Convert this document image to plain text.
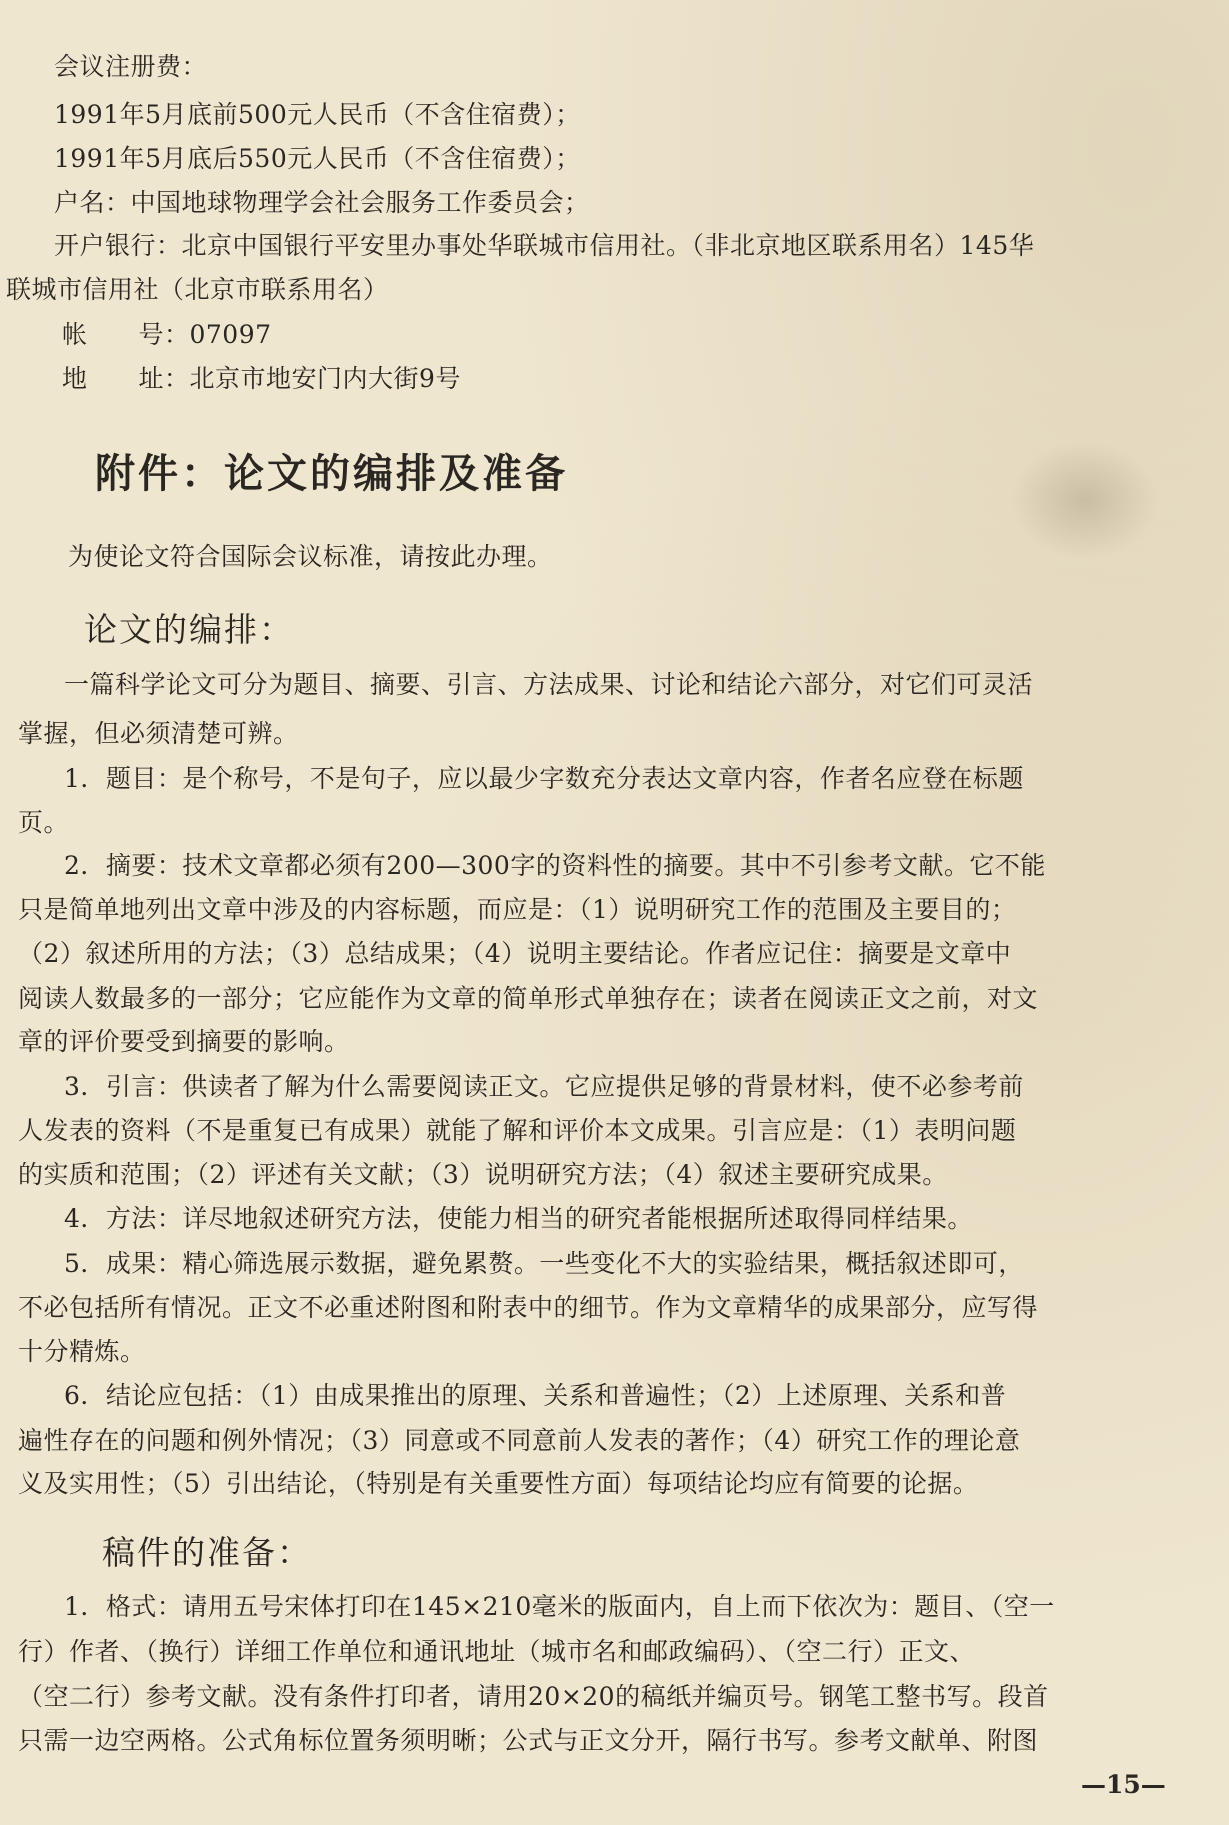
会议注册费：
1991年5月底前500元人民币（不含住宿费）；
1991年5月底后550元人民币（不含住宿费）；
户名：中国地球物理学会社会服务工作委员会；
开户银行：北京中国银行平安里办事处华联城市信用社。（非北京地区联系用名）145华
联城市信用社（北京市联系用名）
帐　　号：07097
地　　址：北京市地安门内大街9号
附件：论文的编排及准备
为使论文符合国际会议标准，请按此办理。
论文的编排：
一篇科学论文可分为题目、摘要、引言、方法成果、讨论和结论六部分，对它们可灵活
掌握，但必须清楚可辨。
1．题目：是个称号，不是句子，应以最少字数充分表达文章内容，作者名应登在标题
页。
2．摘要：技术文章都必须有200—300字的资料性的摘要。其中不引参考文献。它不能
只是简单地列出文章中涉及的内容标题，而应是：（1）说明研究工作的范围及主要目的；
（2）叙述所用的方法；（3）总结成果；（4）说明主要结论。作者应记住：摘要是文章中
阅读人数最多的一部分；它应能作为文章的简单形式单独存在；读者在阅读正文之前，对文
章的评价要受到摘要的影响。
3．引言：供读者了解为什么需要阅读正文。它应提供足够的背景材料，使不必参考前
人发表的资料（不是重复已有成果）就能了解和评价本文成果。引言应是：（1）表明问题
的实质和范围；（2）评述有关文献；（3）说明研究方法；（4）叙述主要研究成果。
4．方法：详尽地叙述研究方法，使能力相当的研究者能根据所述取得同样结果。
5．成果：精心筛选展示数据，避免累赘。一些变化不大的实验结果，概括叙述即可，
不必包括所有情况。正文不必重述附图和附表中的细节。作为文章精华的成果部分，应写得
十分精炼。
6．结论应包括：（1）由成果推出的原理、关系和普遍性；（2）上述原理、关系和普
遍性存在的问题和例外情况；（3）同意或不同意前人发表的著作；（4）研究工作的理论意
义及实用性；（5）引出结论，（特别是有关重要性方面）每项结论均应有简要的论据。
稿件的准备：
1．格式：请用五号宋体打印在145×210毫米的版面内，自上而下依次为：题目、（空一
行）作者、（换行）详细工作单位和通讯地址（城市名和邮政编码）、（空二行）正文、
（空二行）参考文献。没有条件打印者，请用20×20的稿纸并编页号。钢笔工整书写。段首
只需一边空两格。公式角标位置务须明晰；公式与正文分开，隔行书写。参考文献单、附图
—15—
